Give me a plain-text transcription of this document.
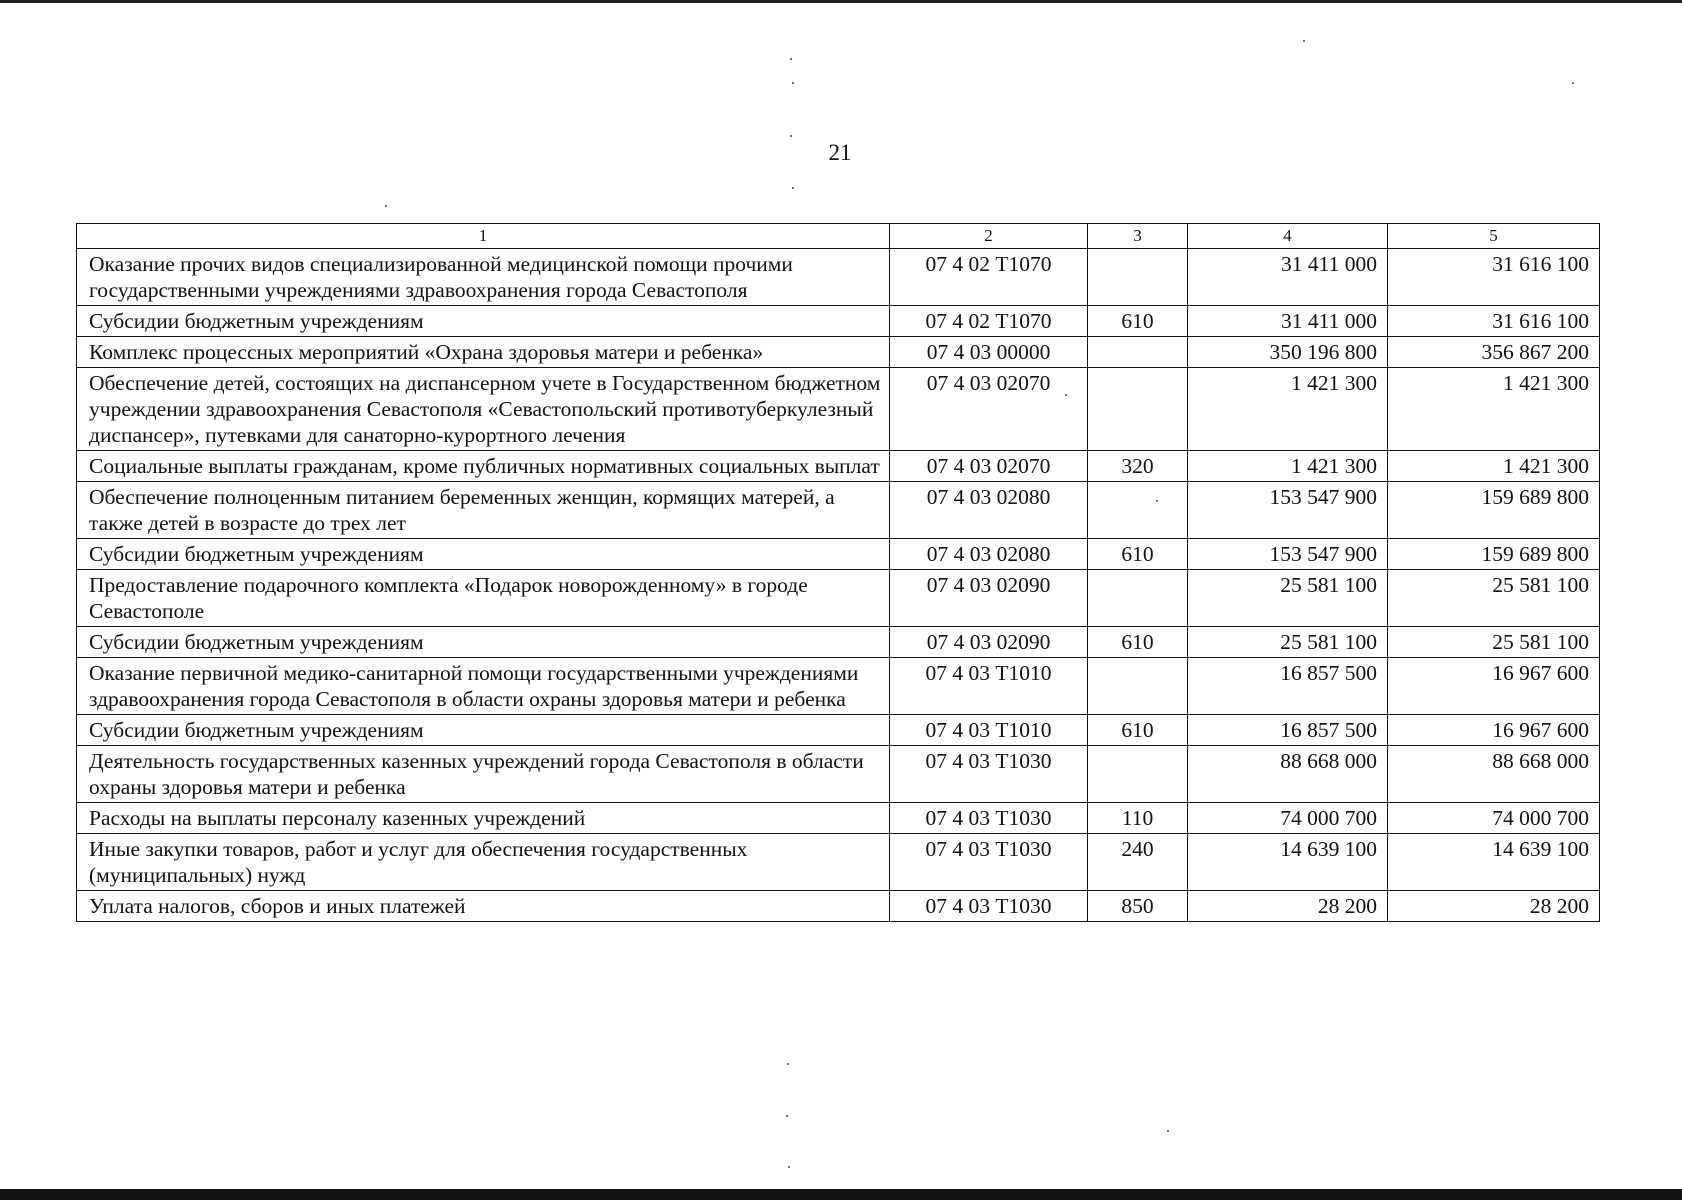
21
1	2	3	4	5
Оказание прочих видов специализированной медицинской помощи прочими государственными учреждениями здравоохранения города Севастополя	07 4 02 Т1070		31 411 000	31 616 100
Субсидии бюджетным учреждениям	07 4 02 Т1070	610	31 411 000	31 616 100
Комплекс процессных мероприятий «Охрана здоровья матери и ребенка»	07 4 03 00000		350 196 800	356 867 200
Обеспечение детей, состоящих на диспансерном учете в Государственном бюджетном учреждении здравоохранения Севастополя «Севастопольский противотуберкулезный диспансер», путевками для санаторно-курортного лечения	07 4 03 02070		1 421 300	1 421 300
Социальные выплаты гражданам, кроме публичных нормативных социальных выплат	07 4 03 02070	320	1 421 300	1 421 300
Обеспечение полноценным питанием беременных женщин, кормящих матерей, а также детей в возрасте до трех лет	07 4 03 02080		153 547 900	159 689 800
Субсидии бюджетным учреждениям	07 4 03 02080	610	153 547 900	159 689 800
Предоставление подарочного комплекта «Подарок новорожденному» в городе Севастополе	07 4 03 02090		25 581 100	25 581 100
Субсидии бюджетным учреждениям	07 4 03 02090	610	25 581 100	25 581 100
Оказание первичной медико-санитарной помощи государственными учреждениями здравоохранения города Севастополя в области охраны здоровья матери и ребенка	07 4 03 Т1010		16 857 500	16 967 600
Субсидии бюджетным учреждениям	07 4 03 Т1010	610	16 857 500	16 967 600
Деятельность государственных казенных учреждений города Севастополя в области охраны здоровья матери и ребенка	07 4 03 Т1030		88 668 000	88 668 000
Расходы на выплаты персоналу казенных учреждений	07 4 03 Т1030	110	74 000 700	74 000 700
Иные закупки товаров, работ и услуг для обеспечения государственных (муниципальных) нужд	07 4 03 Т1030	240	14 639 100	14 639 100
Уплата налогов, сборов и иных платежей	07 4 03 Т1030	850	28 200	28 200
